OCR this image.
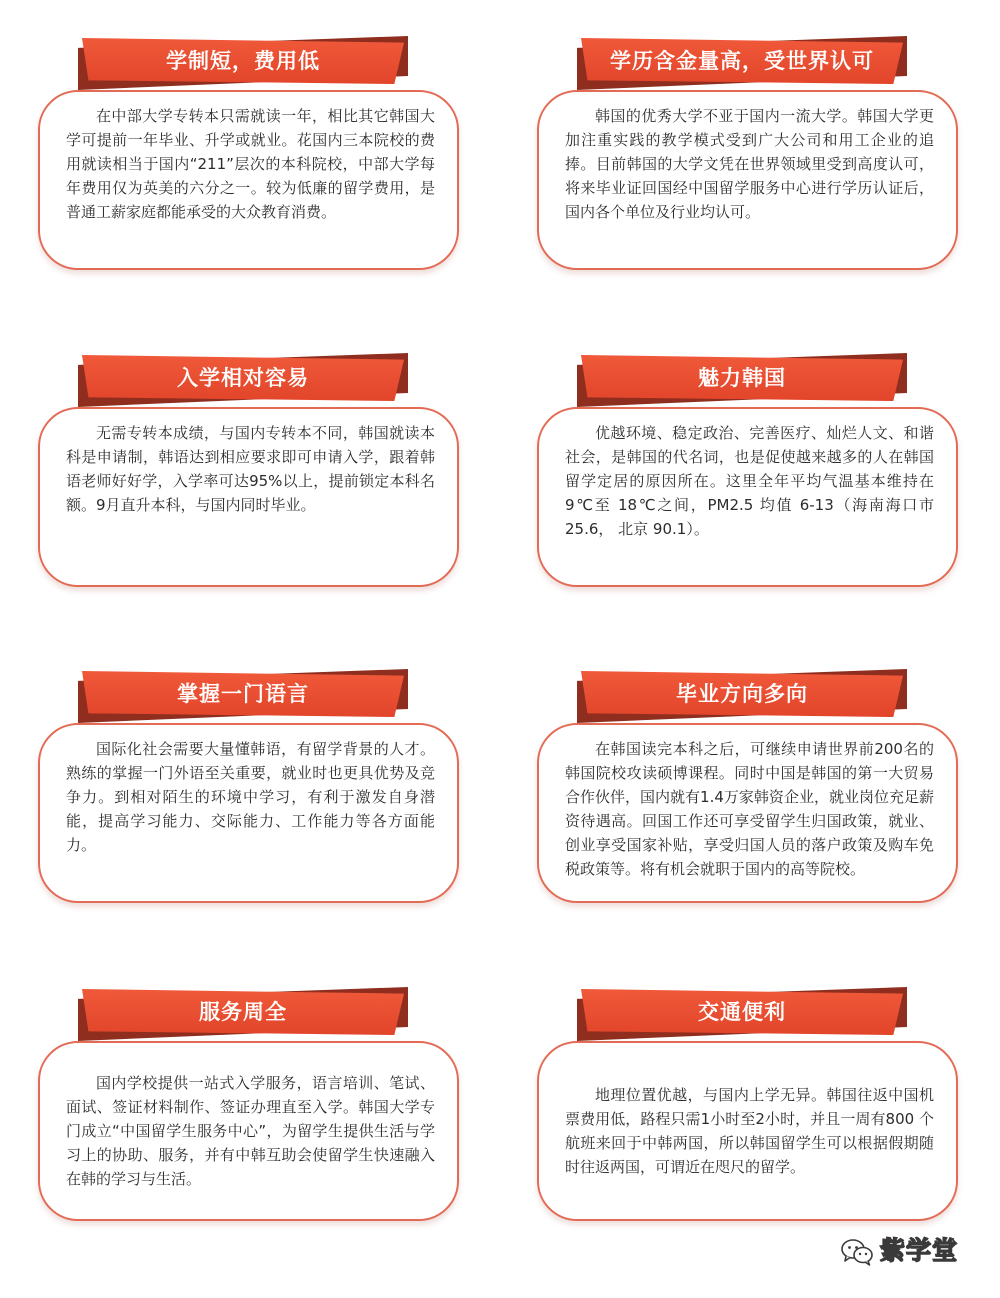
学制短，费用低
在中部大学专转本只需就读一年，相比其它韩国大学可提前一年毕业、升学或就业。花国内三本院校的费用就读相当于国内“211”层次的本科院校，中部大学每年费用仅为英美的六分之一。较为低廉的留学费用，是普通工薪家庭都能承受的大众教育消费。
学历含金量高，受世界认可
韩国的优秀大学不亚于国内一流大学。韩国大学更加注重实践的教学模式受到广大公司和用工企业的追捧。目前韩国的大学文凭在世界领域里受到高度认可，将来毕业证回国经中国留学服务中心进行学历认证后，国内各个单位及行业均认可。
入学相对容易
无需专转本成绩，与国内专转本不同，韩国就读本科是申请制，韩语达到相应要求即可申请入学，跟着韩语老师好好学，入学率可达95%以上，提前锁定本科名额。9月直升本科，与国内同时毕业。
魅力韩国
优越环境、稳定政治、完善医疗、灿烂人文、和谐社会，是韩国的代名词，也是促使越来越多的人在韩国留学定居的原因所在。这里全年平均气温基本维持在 9℃至 18℃之间，PM2.5 均值 6-13（海南海口市 25.6， 北京 90.1）。
掌握一门语言
国际化社会需要大量懂韩语，有留学背景的人才。熟练的掌握一门外语至关重要，就业时也更具优势及竞争力。到相对陌生的环境中学习，有利于激发自身潜能，提高学习能力、交际能力、工作能力等各方面能力。
毕业方向多向
在韩国读完本科之后，可继续申请世界前200名的韩国院校攻读硕博课程。同时中国是韩国的第一大贸易合作伙伴，国内就有1.4万家韩资企业，就业岗位充足薪资待遇高。回国工作还可享受留学生归国政策，就业、创业享受国家补贴，享受归国人员的落户政策及购车免税政策等。将有机会就职于国内的高等院校。
服务周全
国内学校提供一站式入学服务，语言培训、笔试、面试、签证材料制作、签证办理直至入学。韩国大学专门成立“中国留学生服务中心”，为留学生提供生活与学习上的协助、服务，并有中韩互助会使留学生快速融入在韩的学习与生活。
交通便利
地理位置优越，与国内上学无异。韩国往返中国机票费用低，路程只需1小时至2小时，并且一周有800 个航班来回于中韩两国，所以韩国留学生可以根据假期随时往返两国，可谓近在咫尺的留学。
紫学堂
